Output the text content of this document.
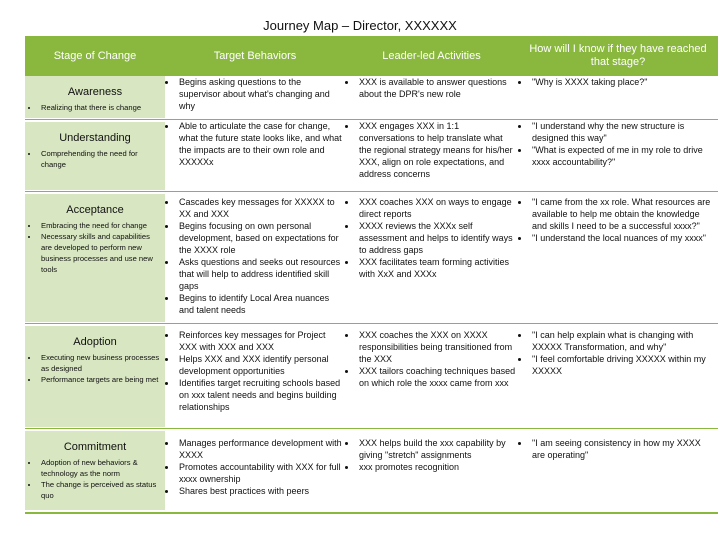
Journey Map – Director, XXXXXX
Stage of Change	Target Behaviors	Leader-led Activities
How will I know if they have reached that stage?
Awareness
• Realizing that there is change
• Begins asking questions to the supervisor about what's changing and why
• XXX is available to answer questions about the DPR's new role
• "Why is XXXX taking place?"
Understanding
• Comprehending the need for change
• Able to articulate the case for change, what the future state looks like, and what the impacts are to their own role and XXXXXx
• XXX engages XXX in 1:1 conversations to help translate what the regional strategy means for his/her XXX, align on role expectations, and address concerns
• "I understand why the new structure is designed this way"
• "What is expected of me in my role to drive xxxx accountability?"
Acceptance
• Embracing the need for change
• Necessary skills and capabilities are developed to perform new business processes and use new tools
• Cascades key messages for XXXXX to XX and XXX
• Begins focusing on own personal development, based on expectations for the XXXX role
• Asks questions and seeks out resources that will help to address identified skill gaps
• Begins to identify Local Area nuances and talent needs
• XXX coaches XXX on ways to engage direct reports
• XXXX reviews the XXXx self assessment and helps to identify ways to address gaps
• XXX facilitates team forming activities with XxX and XXXx
• "I came from the xx role. What resources are available to help me obtain the knowledge and skills I need to be a successful xxxx?"
• "I understand the local nuances of my xxxx"
Adoption
• Executing new business processes as designed
• Performance targets are being met
• Reinforces key messages for Project XXX with XXX and XXX
• Helps XXX and XXX identify personal development opportunities
• Identifies target recruiting schools based on xxx talent needs and begins building relationships
• XXX coaches the XXX on XXXX responsibilities being transitioned from the XXX
• XXX tailors coaching techniques based on which role the xxxx came from xxx
• "I can help explain what is changing with XXXXX Transformation, and why"
• "I feel comfortable driving XXXXX within my XXXXX
Commitment
• Adoption of new behaviors & technology as the norm
• The change is perceived as status quo
• Manages performance development with XXXX
• Promotes accountability with XXX for full xxxx ownership
• Shares best practices with peers
• XXX helps build the xxx capability by giving "stretch" assignments
• xxx promotes recognition
• "I am seeing consistency in how my XXXX are operating"
